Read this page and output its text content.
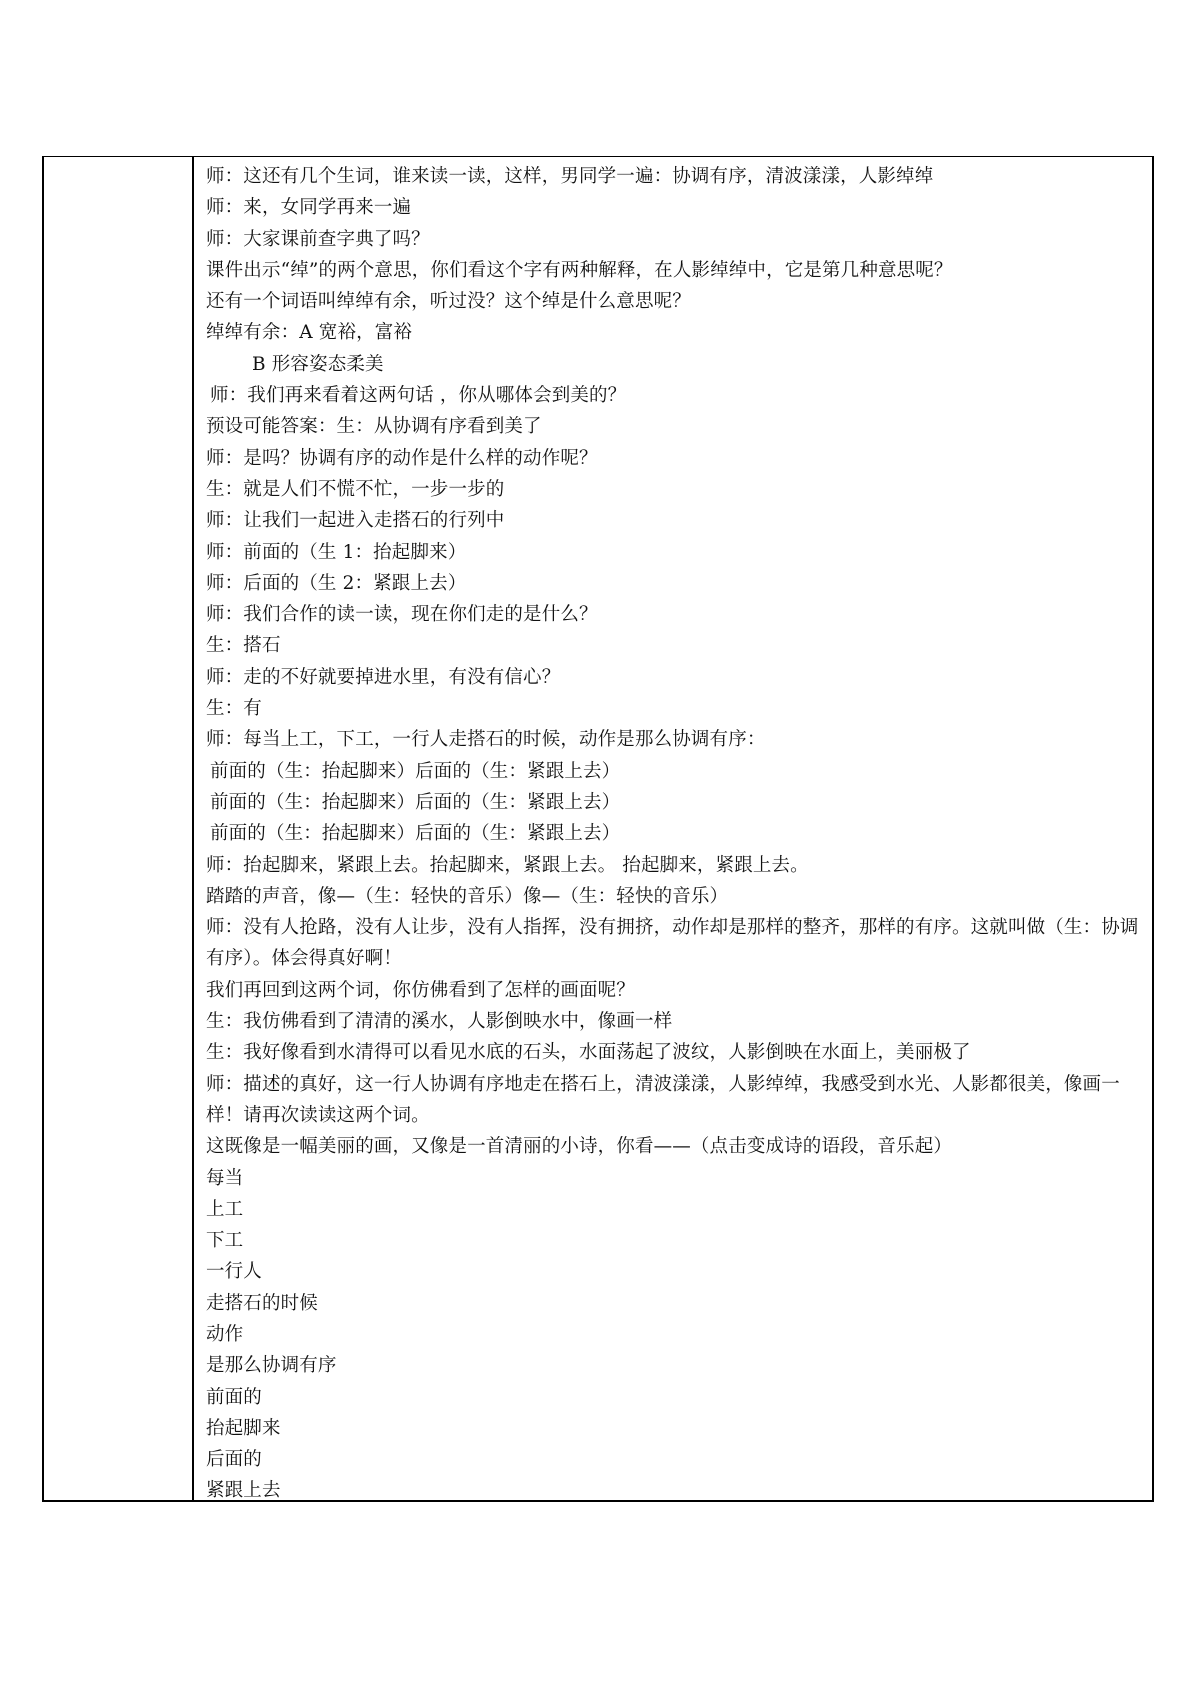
师：这还有几个生词，谁来读一读，这样，男同学一遍：协调有序，清波漾漾，人影绰绰
师：来，女同学再来一遍
师：大家课前查字典了吗？
课件出示“绰”的两个意思，你们看这个字有两种解释，在人影绰绰中，它是第几种意思呢？
还有一个词语叫绰绰有余，听过没？这个绰是什么意思呢？
绰绰有余：A 宽裕，富裕
B 形容姿态柔美
师：我们再来看着这两句话 ，你从哪体会到美的？
预设可能答案：生：从协调有序看到美了
师：是吗？协调有序的动作是什么样的动作呢？
生：就是人们不慌不忙，一步一步的
师：让我们一起进入走搭石的行列中
师：前面的（生 1：抬起脚来）
师：后面的（生 2：紧跟上去）
师：我们合作的读一读，现在你们走的是什么？
生：搭石
师：走的不好就要掉进水里，有没有信心？
生：有
师：每当上工，下工，一行人走搭石的时候，动作是那么协调有序：
前面的（生：抬起脚来）后面的（生：紧跟上去）
前面的（生：抬起脚来）后面的（生：紧跟上去）
前面的（生：抬起脚来）后面的（生：紧跟上去）
师：抬起脚来，紧跟上去。抬起脚来，紧跟上去。 抬起脚来，紧跟上去。
踏踏的声音，像—（生：轻快的音乐）像—（生：轻快的音乐）
师：没有人抢路，没有人让步，没有人指挥，没有拥挤，动作却是那样的整齐，那样的有序。这就叫做（生：协调有序）。体会得真好啊！
我们再回到这两个词，你仿佛看到了怎样的画面呢？
生：我仿佛看到了清清的溪水，人影倒映水中，像画一样
生：我好像看到水清得可以看见水底的石头，水面荡起了波纹，人影倒映在水面上，美丽极了
师：描述的真好，这一行人协调有序地走在搭石上，清波漾漾，人影绰绰，我感受到水光、人影都很美，像画一样！请再次读读这两个词。
这既像是一幅美丽的画，又像是一首清丽的小诗，你看——（点击变成诗的语段，音乐起）
每当
上工
下工
一行人
走搭石的时候
动作
是那么协调有序
前面的
抬起脚来
后面的
紧跟上去
